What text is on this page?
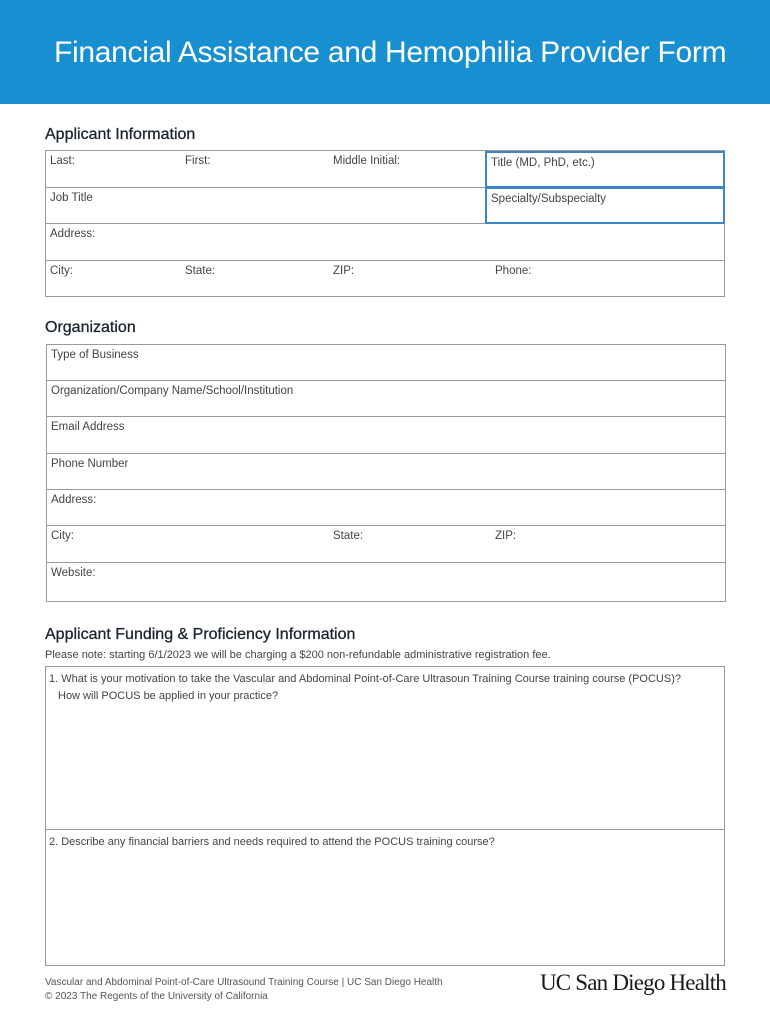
Financial Assistance and Hemophilia Provider Form
Applicant Information
Last:	First:	Middle Initial:	Title (MD, PhD, etc.)
Job Title	Specialty/Subspecialty
Address:
City:	State:	ZIP:	Phone:
Organization
Type of Business
Organization/Company Name/School/Institution
Email Address
Phone Number
Address:
City:	State:	ZIP:
Website:
Applicant Funding & Proficiency Information
Please note: starting 6/1/2023 we will be charging a $200 non-refundable administrative registration fee.
1. What is your motivation to take the Vascular and Abdominal Point-of-Care Ultrasoun Training Course training course (POCUS)?
How will POCUS be applied in your practice?
2. Describe any financial barriers and needs required to attend the POCUS training course?
Vascular and Abdominal Point-of-Care Ultrasound Training Course | UC San Diego Health
© 2023 The Regents of the University of California
UC San Diego Health
